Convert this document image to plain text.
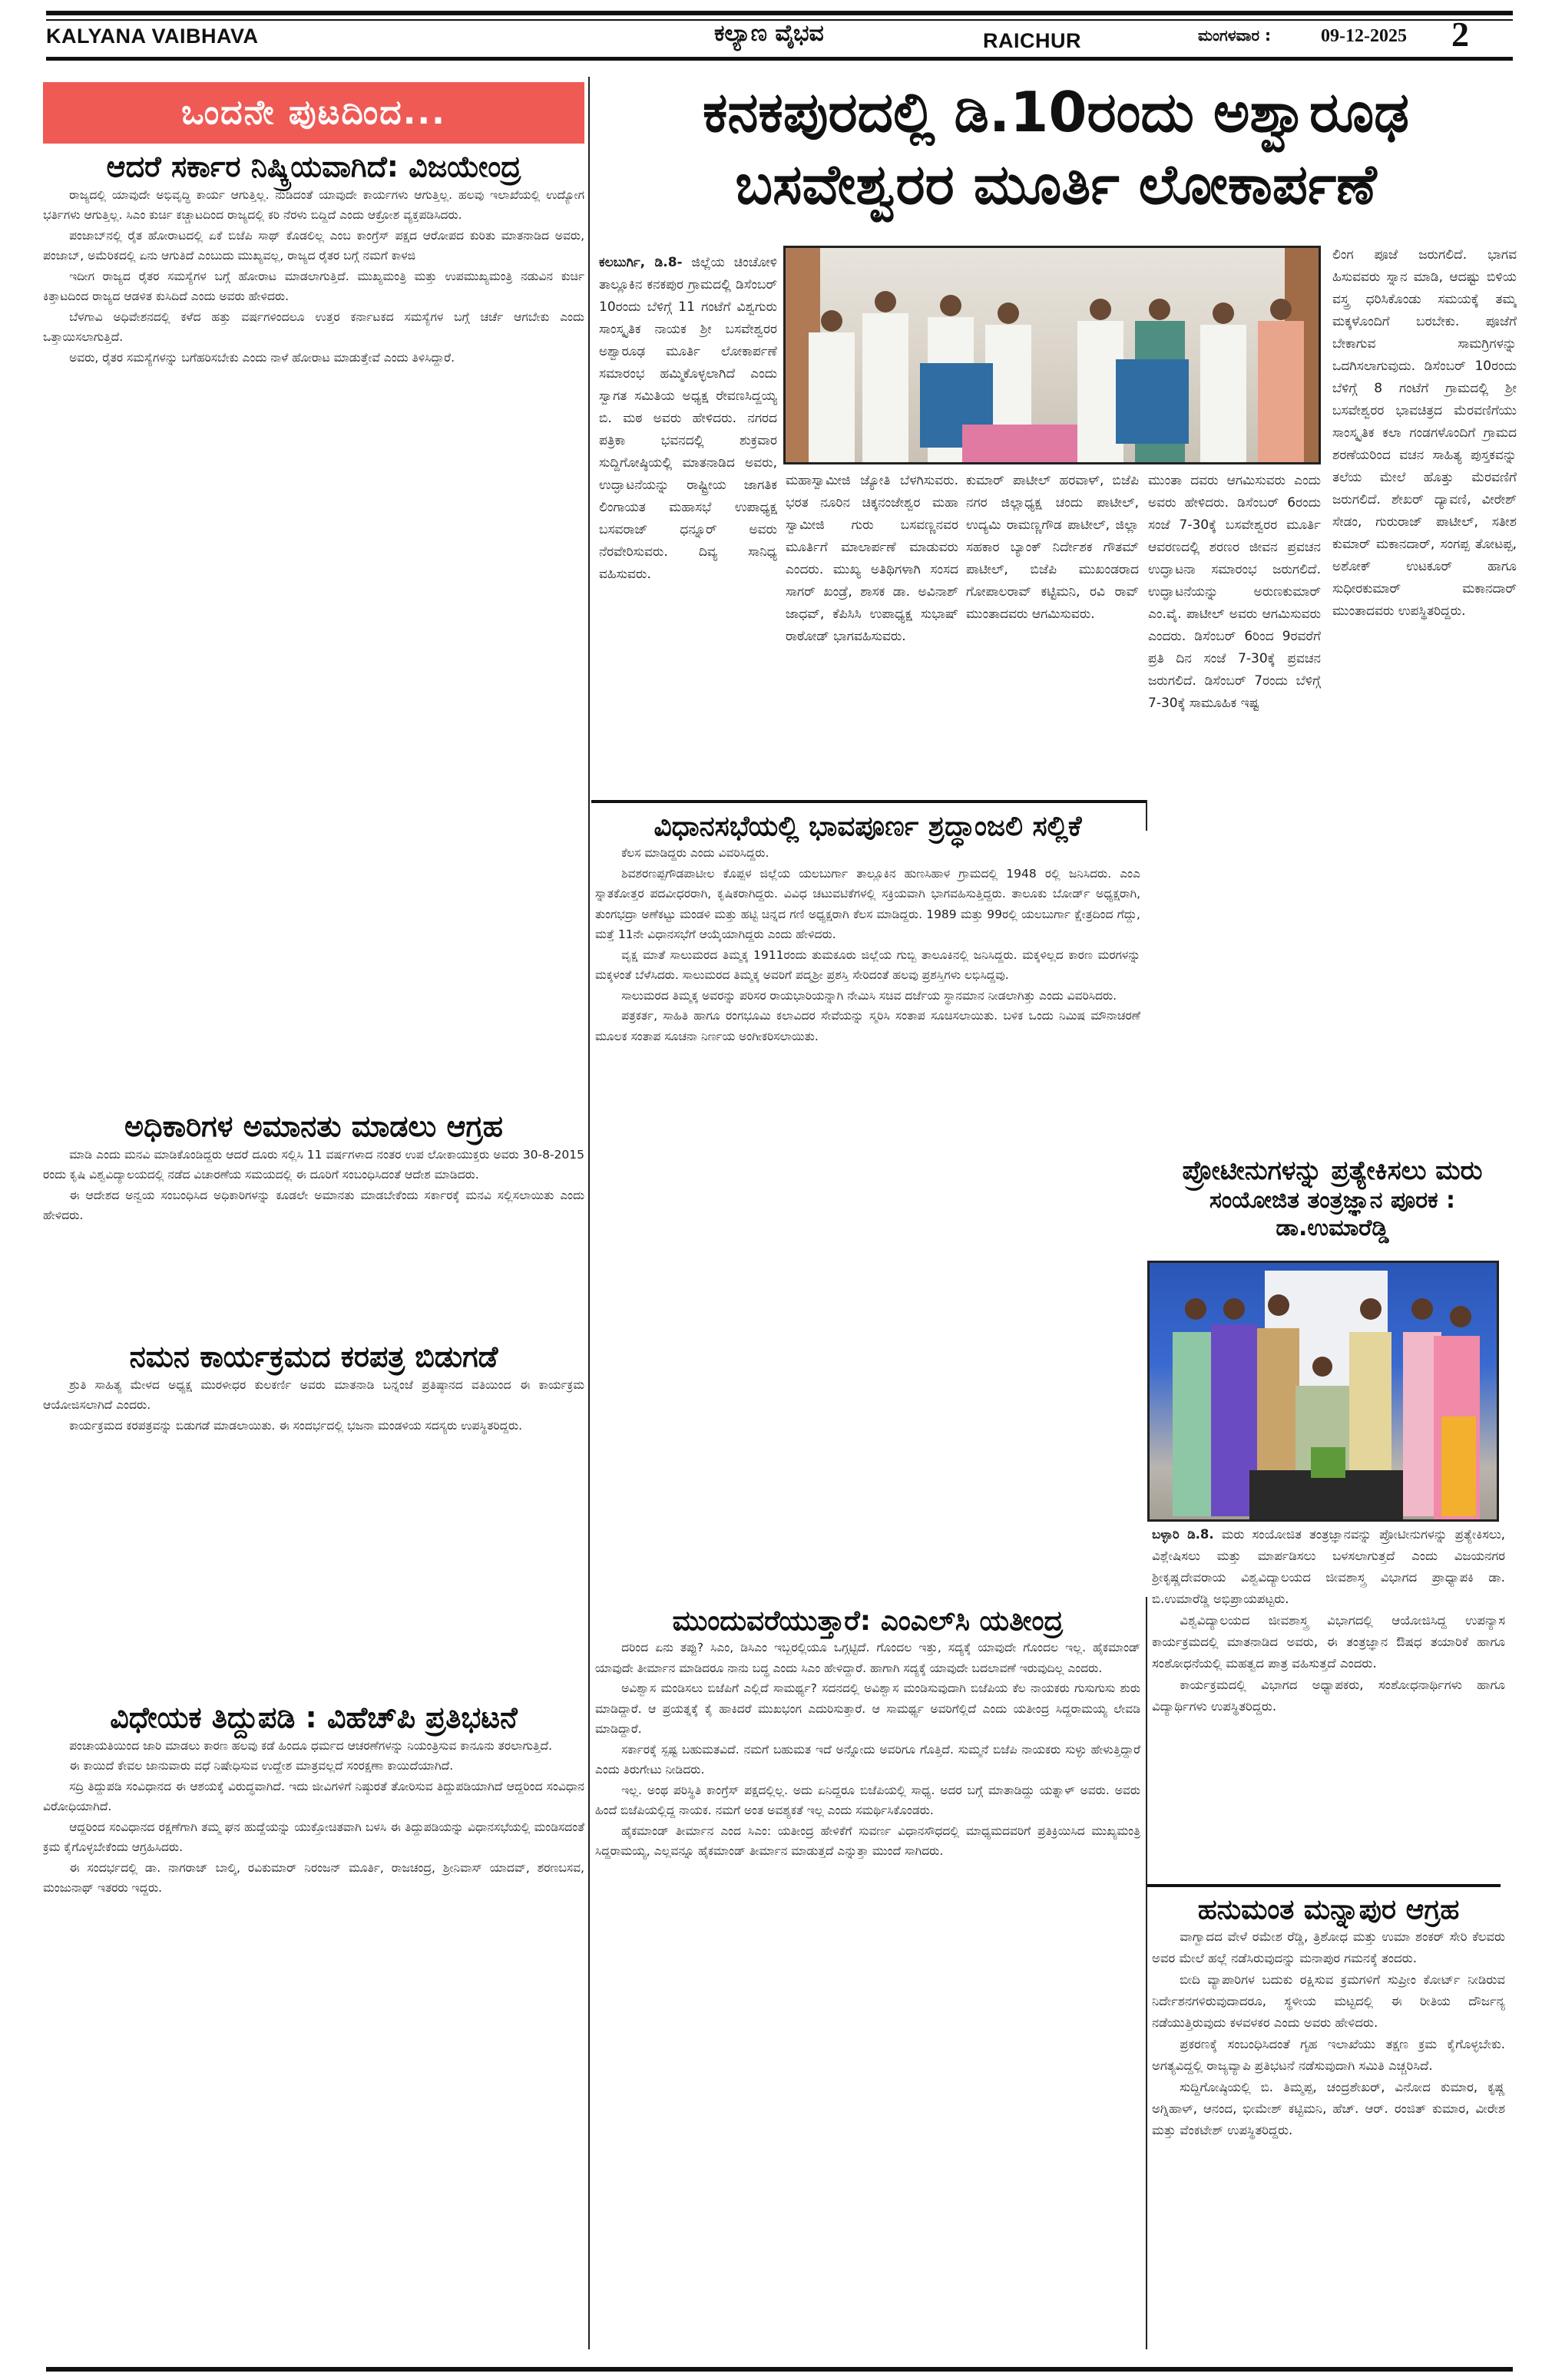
KALYANA VAIBHAVA	ಕಲ್ಯಾಣ ವೈಭವ	RAICHUR	ಮಂಗಳವಾರ :	09-12-2025 2
ಒಂದನೇ ಪುಟದಿಂದ...
ಆದರೆ ಸರ್ಕಾರ ನಿಷ್ಕ್ರಿಯವಾಗಿದೆ: ವಿಜಯೇಂದ್ರ

ರಾಜ್ಯದಲ್ಲಿ ಯಾವುದೇ ಅಭಿವೃದ್ಧಿ ಕಾರ್ಯ ಆಗುತ್ತಿಲ್ಲ. ನುಡಿದಂತೆ ಯಾವುದೇ ಕಾರ್ಯಗಳು ಆಗುತ್ತಿಲ್ಲ. ಹಲವು ಇಲಾಖೆಯಲ್ಲಿ ಉದ್ಯೋಗ ಭರ್ತಿಗಳು ಆಗುತ್ತಿಲ್ಲ. ಸಿಎಂ ಕುರ್ಚಿ ಕಚ್ಚಾಟದಿಂದ ರಾಜ್ಯದಲ್ಲಿ ಕರಿ ನೆರಳು ಬಿದ್ದಿದೆ ಎಂದು ಆಕ್ರೋಶ ವ್ಯಕ್ತಪಡಿಸಿದರು.

ಪಂಜಾಬ್‌ನಲ್ಲಿ ರೈತ ಹೋರಾಟದಲ್ಲಿ ಏಕೆ ಬಿಜೆಪಿ ಸಾಥ್ ಕೊಡಲಿಲ್ಲ ಎಂಬ ಕಾಂಗ್ರೆಸ್ ಪಕ್ಷದ ಆರೋಪದ ಕುರಿತು ಮಾತನಾಡಿದ ಅವರು, ಪಂಜಾಬ್, ಅಮೆರಿಕದಲ್ಲಿ ಏನು ಆಗುತಿದೆ ಎಂಬುದು ಮುಖ್ಯವಲ್ಲ, ರಾಜ್ಯದ ರೈತರ ಬಗ್ಗೆ ನಮಗೆ ಕಾಳಜಿ

ಇದೀಗ ರಾಜ್ಯದ ರೈತರ ಸಮಸ್ಯೆಗಳ ಬಗ್ಗೆ ಹೋರಾಟ ಮಾಡಲಾಗುತ್ತಿದೆ. ಮುಖ್ಯಮಂತ್ರಿ ಮತ್ತು ಉಪಮುಖ್ಯಮಂತ್ರಿ ನಡುವಿನ ಕುರ್ಚಿ ಕಿತ್ತಾಟದಿಂದ ರಾಜ್ಯದ ಆಡಳಿತ ಕುಸಿದಿದೆ ಎಂದು ಅವರು ಹೇಳಿದರು.

ಬೆಳಗಾವಿ ಅಧಿವೇಶನದಲ್ಲಿ ಕಳೆದ ಹತ್ತು ವರ್ಷಗಳಿಂದಲೂ ಉತ್ತರ ಕರ್ನಾಟಕದ ಸಮಸ್ಯೆಗಳ ಬಗ್ಗೆ ಚರ್ಚೆ ಆಗಬೇಕು ಎಂದು ಒತ್ತಾಯಿಸಲಾಗುತ್ತಿದೆ.

ಅವರು, ರೈತರ ಸಮಸ್ಯೆಗಳನ್ನು ಬಗೆಹರಿಸಬೇಕು ಎಂದು ನಾಳೆ ಹೋರಾಟ ಮಾಡುತ್ತೇವೆ ಎಂದು ತಿಳಿಸಿದ್ದಾರೆ.

ಅಧಿಕಾರಿಗಳ ಅಮಾನತು ಮಾಡಲು ಆಗ್ರಹ

ಮಾಡಿ ಎಂದು ಮನವಿ ಮಾಡಿಕೊಂಡಿದ್ದರು ಆದರೆ ದೂರು ಸಲ್ಲಿಸಿ 11 ವರ್ಷಗಳಾದ ನಂತರ ಉಪ ಲೋಕಾಯುಕ್ತರು ಅವರು 30-8-2015 ರಂದು ಕೃಷಿ ವಿಶ್ವವಿದ್ಯಾಲಯದಲ್ಲಿ ನಡೆದ ವಿಚಾರಣೆಯ ಸಮಯದಲ್ಲಿ ಈ ದೂರಿಗೆ ಸಂಬಂಧಿಸಿದಂತೆ ಆದೇಶ ಮಾಡಿದರು.

ಈ ಆದೇಶದ ಅನ್ವಯ ಸಂಬಂಧಿಸಿದ ಅಧಿಕಾರಿಗಳನ್ನು ಕೂಡಲೇ ಅಮಾನತು ಮಾಡಬೇಕೆಂದು ಸರ್ಕಾರಕ್ಕೆ ಮನವಿ ಸಲ್ಲಿಸಲಾಯಿತು ಎಂದು ಹೇಳಿದರು.

ನಮನ ಕಾರ್ಯಕ್ರಮದ ಕರಪತ್ರ ಬಿಡುಗಡೆ

ಶ್ರುತಿ ಸಾಹಿತ್ಯ ಮೇಳದ ಅಧ್ಯಕ್ಷ ಮುರಳೀಧರ ಕುಲಕರ್ಣಿ ಅವರು ಮಾತನಾಡಿ ಬನ್ನಂಜೆ ಪ್ರತಿಷ್ಠಾನದ ವತಿಯಿಂದ ಈ ಕಾರ್ಯಕ್ರಮ ಆಯೋಜಿಸಲಾಗಿದೆ ಎಂದರು.

ಕಾರ್ಯಕ್ರಮದ ಕರಪತ್ರವನ್ನು ಬಿಡುಗಡೆ ಮಾಡಲಾಯಿತು. ಈ ಸಂದರ್ಭದಲ್ಲಿ ಭಜನಾ ಮಂಡಳಿಯ ಸದಸ್ಯರು ಉಪಸ್ಥಿತರಿದ್ದರು.

ವಿಧೇಯಕ ತಿದ್ದುಪಡಿ : ವಿಹೆಚ್‌ಪಿ ಪ್ರತಿಭಟನೆ

ಪಂಚಾಯತಿಯಿಂದ ಜಾರಿ ಮಾಡಲು ಕಾರಣ ಹಲವು ಕಡೆ ಹಿಂದೂ ಧರ್ಮದ ಆಚರಣೆಗಳನ್ನು ನಿಯಂತ್ರಿಸುವ ಕಾನೂನು ತರಲಾಗುತ್ತಿದೆ.

ಈ ಕಾಯಿದೆ ಕೇವಲ ಜಾನುವಾರು ವಧೆ ನಿಷೇಧಿಸುವ ಉದ್ದೇಶ ಮಾತ್ರವಲ್ಲದೆ ಸಂರಕ್ಷಣಾ ಕಾಯಿದೆಯಾಗಿದೆ.

ಸದ್ರಿ ತಿದ್ದುಪಡಿ ಸಂವಿಧಾನದ ಈ ಆಶಯಕ್ಕೆ ವಿರುದ್ಧವಾಗಿದೆ. ಇದು ಜೀವಿಗಳಿಗೆ ನಿಷ್ಠುರತೆ ತೋರಿಸುವ ತಿದ್ದುಪಡಿಯಾಗಿದೆ ಆದ್ದರಿಂದ ಸಂವಿಧಾನ ವಿರೋಧಿಯಾಗಿದೆ.

ಆದ್ದರಿಂದ ಸಂವಿಧಾನದ ರಕ್ಷಣೆಗಾಗಿ ತಮ್ಮ ಘನ ಹುದ್ದೆಯನ್ನು ಯುಕ್ತೋಚಿತವಾಗಿ ಬಳಸಿ ಈ ತಿದ್ದುಪಡಿಯನ್ನು ವಿಧಾನಸಭೆಯಲ್ಲಿ ಮಂಡಿಸದಂತೆ ಕ್ರಮ ಕೈಗೊಳ್ಳಬೇಕೆಂದು ಆಗ್ರಹಿಸಿದರು.

ಈ ಸಂದರ್ಭದಲ್ಲಿ ಡಾ. ನಾಗರಾಜ್ ಬಾಲ್ಕಿ, ರವಿಕುಮಾರ್ ನಿರಂಜನ್ ಮೂರ್ತಿ, ರಾಜಚಂದ್ರ, ಶ್ರೀನಿವಾಸ್ ಯಾದವ್, ಶರಣಬಸವ, ಮಂಜುನಾಥ್ ಇತರರು ಇದ್ದರು.

ಕನಕಪುರದಲ್ಲಿ ಡಿ.10ರಂದು ಅಶ್ವಾರೂಢ
ಬಸವೇಶ್ವರರ ಮೂರ್ತಿ ಲೋಕಾರ್ಪಣೆ

ಕಲಬುರ್ಗಿ, ಡಿ.8- ಜಿಲ್ಲೆಯ ಚಿಂಚೋಳಿ ತಾಲ್ಲೂಕಿನ ಕನಕಪುರ ಗ್ರಾಮದಲ್ಲಿ ಡಿಸೆಂಬರ್ 10ರಂದು ಬೆಳಿಗ್ಗೆ 11 ಗಂಟೆಗೆ ವಿಶ್ವಗುರು ಸಾಂಸ್ಕೃತಿಕ ನಾಯಕ ಶ್ರೀ ಬಸವೇಶ್ವರರ ಅಶ್ವಾರೂಢ ಮೂರ್ತಿ ಲೋಕಾರ್ಪಣೆ ಸಮಾರಂಭ ಹಮ್ಮಿಕೊಳ್ಳಲಾಗಿದೆ ಎಂದು ಸ್ವಾಗತ ಸಮಿತಿಯ ಅಧ್ಯಕ್ಷ ರೇವಣಸಿದ್ದಯ್ಯ ಬಿ. ಮಠ ಅವರು ಹೇಳಿದರು. ನಗರದ ಪತ್ರಿಕಾ ಭವನದಲ್ಲಿ ಶುಕ್ರವಾರ ಸುದ್ದಿಗೋಷ್ಠಿಯಲ್ಲಿ ಮಾತನಾಡಿದ ಅವರು, ಉದ್ಘಾಟನೆಯನ್ನು ರಾಷ್ಟ್ರೀಯ ಜಾಗತಿಕ ಲಿಂಗಾಯತ ಮಹಾಸಭೆ ಉಪಾಧ್ಯಕ್ಷ ಬಸವರಾಜ್ ಧನ್ನೂರ್ ಅವರು ನೆರವೇರಿಸುವರು. ದಿವ್ಯ ಸಾನಿಧ್ಯ ವಹಿಸುವರು.

ಮಹಾಸ್ವಾಮೀಜಿ ಜ್ಯೋತಿ ಬೆಳಗಿಸುವರು. ಭರತ ನೂರಿನ ಚಿಕ್ಕನಂಜೇಶ್ವರ ಮಹಾ ಸ್ವಾಮೀಜಿ ಗುರು ಬಸವಣ್ಣನವರ ಮೂರ್ತಿಗೆ ಮಾಲಾರ್ಪಣೆ ಮಾಡುವರು ಎಂದರು. ಮುಖ್ಯ ಅತಿಥಿಗಳಾಗಿ ಸಂಸದ ಸಾಗರ್ ಖಂಡ್ರೆ, ಶಾಸಕ ಡಾ. ಅವಿನಾಶ್ ಜಾಧವ್, ಕೆಪಿಸಿಸಿ ಉಪಾಧ್ಯಕ್ಷ ಸುಭಾಷ್ ರಾಠೋಡ್ ಭಾಗವಹಿಸುವರು.

ಕುಮಾರ್ ಪಾಟೀಲ್ ಹರವಾಳ್, ಬಿಜೆಪಿ ನಗರ ಜಿಲ್ಲಾಧ್ಯಕ್ಷ ಚಂದು ಪಾಟೀಲ್, ಉದ್ಯಮಿ ರಾಮಣ್ಣಗೌಡ ಪಾಟೀಲ್, ಜಿಲ್ಲಾ ಸಹಕಾರ ಬ್ಯಾಂಕ್ ನಿರ್ದೇಶಕ ಗೌತಮ್ ಪಾಟೀಲ್, ಬಿಜೆಪಿ ಮುಖಂಡರಾದ ಗೋಪಾಲರಾವ್ ಕಟ್ಟಿಮನಿ, ರವಿ ರಾವ್ ಮುಂತಾದವರು ಆಗಮಿಸುವರು.

ಮುಂತಾ ದವರು ಆಗಮಿಸುವರು ಎಂದು ಅವರು ಹೇಳಿದರು. ಡಿಸೆಂಬರ್ 6ರಂದು ಸಂಜೆ 7-30ಕ್ಕೆ ಬಸವೇಶ್ವರರ ಮೂರ್ತಿ ಆವರಣದಲ್ಲಿ ಶರಣರ ಜೀವನ ಪ್ರವಚನ ಉದ್ಘಾಟನಾ ಸಮಾರಂಭ ಜರುಗಲಿದೆ. ಉದ್ಘಾಟನೆಯನ್ನು ಅರುಣಕುಮಾರ್ ಎಂ.ವೈ. ಪಾಟೀಲ್ ಅವರು ಆಗಮಿಸುವರು ಎಂದರು. ಡಿಸೆಂಬರ್ 6ರಿಂದ 9ರವರೆಗೆ ಪ್ರತಿ ದಿನ ಸಂಜೆ 7-30ಕ್ಕೆ ಪ್ರವಚನ ಜರುಗಲಿದೆ. ಡಿಸೆಂಬರ್ 7ರಂದು ಬೆಳಿಗ್ಗೆ 7-30ಕ್ಕೆ ಸಾಮೂಹಿಕ ಇಷ್ಟ

ಲಿಂಗ ಪೂಜೆ ಜರುಗಲಿದೆ. ಭಾಗವ ಹಿಸುವವರು ಸ್ನಾನ ಮಾಡಿ, ಆದಷ್ಟು ಬಿಳಿಯ ವಸ್ತ್ರ ಧರಿಸಿಕೊಂಡು ಸಮಯಕ್ಕೆ ತಮ್ಮ ಮಕ್ಕಳೊಂದಿಗೆ ಬರಬೇಕು. ಪೂಜೆಗೆ ಬೇಕಾಗುವ ಸಾಮಗ್ರಿಗಳನ್ನು ಒದಗಿಸಲಾಗುವುದು. ಡಿಸೆಂಬರ್ 10ರಂದು ಬೆಳಿಗ್ಗೆ 8 ಗಂಟೆಗೆ ಗ್ರಾಮದಲ್ಲಿ ಶ್ರೀ ಬಸವೇಶ್ವರರ ಭಾವಚಿತ್ರದ ಮೆರವಣಿಗೆಯು ಸಾಂಸ್ಕೃತಿಕ ಕಲಾ ಗಂಡಗಳೊಂದಿಗೆ ಗ್ರಾಮದ ಶರಣೆಯರಿಂದ ವಚನ ಸಾಹಿತ್ಯ ಪುಸ್ತಕವನ್ನು ತಲೆಯ ಮೇಲೆ ಹೊತ್ತು ಮೆರವಣಿಗೆ ಜರುಗಲಿದೆ. ಶೇಖರ್ ದ್ಯಾವಣಿ, ವೀರೇಶ್ ಸೇಡಂ, ಗುರುರಾಜ್ ಪಾಟೀಲ್, ಸತೀಶ ಕುಮಾರ್ ಮಕಾನದಾರ್, ಸಂಗಪ್ಪ ತೋಟಪ್ಪ, ಅಶೋಕ್ ಉಟಕೂರ್ ಹಾಗೂ ಸುಧೀರಕುಮಾರ್ ಮಕಾನದಾರ್ ಮುಂತಾದವರು ಉಪಸ್ಥಿತರಿದ್ದರು.

ವಿಧಾನಸಭೆಯಲ್ಲಿ ಭಾವಪೂರ್ಣ ಶ್ರದ್ಧಾಂಜಲಿ ಸಲ್ಲಿಕೆ

ಕೆಲಸ ಮಾಡಿದ್ದರು ಎಂದು ವಿವರಿಸಿದ್ದರು.

ಶಿವಶರಣಪ್ಪಗೌಡಪಾಟೀಲ ಕೊಪ್ಪಳ ಜಿಲ್ಲೆಯ ಯಲಬುರ್ಗಾ ತಾಲ್ಲೂಕಿನ ಹುಣಸಿಹಾಳ ಗ್ರಾಮದಲ್ಲಿ 1948 ರಲ್ಲಿ ಜನಿಸಿದರು. ಎಂಎ ಸ್ನಾತಕೋತ್ತರ ಪದವೀಧರರಾಗಿ, ಕೃಷಿಕರಾಗಿದ್ದರು. ವಿವಿಧ ಚಟುವಟಿಕೆಗಳಲ್ಲಿ ಸಕ್ರಿಯವಾಗಿ ಭಾಗವಹಿಸುತ್ತಿದ್ದರು. ತಾಲೂಕು ಬೋರ್ಡ್ ಅಧ್ಯಕ್ಷರಾಗಿ, ತುಂಗಭದ್ರಾ ಅಣೆಕಟ್ಟು ಮಂಡಳಿ ಮತ್ತು ಹಟ್ಟಿ ಚಿನ್ನದ ಗಣಿ ಅಧ್ಯಕ್ಷರಾಗಿ ಕೆಲಸ ಮಾಡಿದ್ದರು. 1989 ಮತ್ತು 99ರಲ್ಲಿ ಯಲಬುರ್ಗಾ ಕ್ಷೇತ್ರದಿಂದ ಗೆದ್ದು, ಮತ್ತೆ 11ನೇ ವಿಧಾನಸಭೆಗೆ ಆಯ್ಕೆಯಾಗಿದ್ದರು ಎಂದು ಹೇಳಿದರು.

ವೃಕ್ಷ ಮಾತೆ ಸಾಲುಮರದ ತಿಮ್ಮಕ್ಕ 1911ರಂದು ತುಮಕೂರು ಜಿಲ್ಲೆಯ ಗುಬ್ಬಿ ತಾಲೂಕಿನಲ್ಲಿ ಜನಿಸಿದ್ದರು. ಮಕ್ಕಳಿಲ್ಲದ ಕಾರಣ ಮರಗಳನ್ನು ಮಕ್ಕಳಂತೆ ಬೆಳೆಸಿದರು. ಸಾಲುಮರದ ತಿಮ್ಮಕ್ಕ ಅವರಿಗೆ ಪದ್ಮಶ್ರೀ ಪ್ರಶಸ್ತಿ ಸೇರಿದಂತೆ ಹಲವು ಪ್ರಶಸ್ತಿಗಳು ಲಭಿಸಿದ್ದವು.

ಸಾಲುಮರದ ತಿಮ್ಮಕ್ಕ ಅವರನ್ನು ಪರಿಸರ ರಾಯಭಾರಿಯನ್ನಾಗಿ ನೇಮಿಸಿ ಸಚಿವ ದರ್ಜೆಯ ಸ್ಥಾನಮಾನ ನೀಡಲಾಗಿತ್ತು ಎಂದು ವಿವರಿಸಿದರು.

ಪತ್ರಕರ್ತ, ಸಾಹಿತಿ ಹಾಗೂ ರಂಗಭೂಮಿ ಕಲಾವಿದರ ಸೇವೆಯನ್ನು ಸ್ಮರಿಸಿ ಸಂತಾಪ ಸೂಚಿಸಲಾಯಿತು. ಬಳಿಕ ಒಂದು ನಿಮಿಷ ಮೌನಾಚರಣೆ ಮೂಲಕ ಸಂತಾಪ ಸೂಚನಾ ನಿರ್ಣಯ ಅಂಗೀಕರಿಸಲಾಯಿತು.

ಮುಂದುವರೆಯುತ್ತಾರೆ: ಎಂಎಲ್‌ಸಿ ಯತೀಂದ್ರ

ದರಿಂದ ಏನು ತಪ್ಪು? ಸಿಎಂ, ಡಿಸಿಎಂ ಇಬ್ಬರಲ್ಲಿಯೂ ಒಗ್ಗಟ್ಟಿದೆ. ಗೊಂದಲ ಇತ್ತು, ಸದ್ಯಕ್ಕೆ ಯಾವುದೇ ಗೊಂದಲ ಇಲ್ಲ. ಹೈಕಮಾಂಡ್ ಯಾವುದೇ ತೀರ್ಮಾನ ಮಾಡಿದರೂ ನಾನು ಬದ್ಧ ಎಂದು ಸಿಎಂ ಹೇಳಿದ್ದಾರೆ. ಹಾಗಾಗಿ ಸದ್ಯಕ್ಕೆ ಯಾವುದೇ ಬದಲಾವಣೆ ಇರುವುದಿಲ್ಲ ಎಂದರು.

ಅವಿಶ್ವಾಸ ಮಂಡಿಸಲು ಬಿಜೆಪಿಗೆ ಎಲ್ಲಿದೆ ಸಾಮರ್ಥ್ಯ? ಸದನದಲ್ಲಿ ಅವಿಶ್ವಾಸ ಮಂಡಿಸುವುದಾಗಿ ಬಿಜೆಪಿಯ ಕೆಲ ನಾಯಕರು ಗುಸುಗುಸು ಶುರು ಮಾಡಿದ್ದಾರೆ. ಆ ಪ್ರಯತ್ನಕ್ಕೆ ಕೈ ಹಾಕಿದರೆ ಮುಖಭಂಗ ಎದುರಿಸುತ್ತಾರೆ. ಆ ಸಾಮರ್ಥ್ಯ ಅವರಿಗೆಲ್ಲಿದೆ ಎಂದು ಯತೀಂದ್ರ ಸಿದ್ದರಾಮಯ್ಯ ಲೇವಡಿ ಮಾಡಿದ್ದಾರೆ.

ಸರ್ಕಾರಕ್ಕೆ ಸ್ಪಷ್ಟ ಬಹುಮತವಿದೆ. ನಮಗೆ ಬಹುಮತ ಇದೆ ಅನ್ನೋದು ಅವರಿಗೂ ಗೊತ್ತಿದೆ. ಸುಮ್ಮನೆ ಬಿಜೆಪಿ ನಾಯಕರು ಸುಳ್ಳು ಹೇಳುತ್ತಿದ್ದಾರೆ ಎಂದು ತಿರುಗೇಟು ನೀಡಿದರು.

ಇಲ್ಲ. ಅಂಥ ಪರಿಸ್ಥಿತಿ ಕಾಂಗ್ರೆಸ್ ಪಕ್ಷದಲ್ಲಿಲ್ಲ. ಅದು ಏನಿದ್ದರೂ ಬಿಜೆಪಿಯಲ್ಲಿ ಸಾಧ್ಯ. ಅದರ ಬಗ್ಗೆ ಮಾತಾಡಿದ್ದು ಯತ್ನಾಳ್ ಅವರು. ಅವರು ಹಿಂದೆ ಬಿಜೆಪಿಯಲ್ಲಿದ್ದ ನಾಯಕ. ನಮಗೆ ಅಂತ ಅವಶ್ಯಕತೆ ಇಲ್ಲ ಎಂದು ಸಮರ್ಥಿಸಿಕೊಂಡರು.

ಹೈಕಮಾಂಡ್ ತೀರ್ಮಾನ ಎಂದ ಸಿಎಂ: ಯತೀಂದ್ರ ಹೇಳಿಕೆಗೆ ಸುವರ್ಣ ವಿಧಾನಸೌಧದಲ್ಲಿ ಮಾಧ್ಯಮದವರಿಗೆ ಪ್ರತಿಕ್ರಿಯಿಸಿದ ಮುಖ್ಯಮಂತ್ರಿ ಸಿದ್ದರಾಮಯ್ಯ, ಎಲ್ಲವನ್ನೂ ಹೈಕಮಾಂಡ್ ತೀರ್ಮಾನ ಮಾಡುತ್ತದೆ ಎನ್ನುತ್ತಾ ಮುಂದೆ ಸಾಗಿದರು.

ಪ್ರೋಟೀನುಗಳನ್ನು ಪ್ರತ್ಯೇಕಿಸಲು ಮರು
ಸಂಯೋಜಿತ ತಂತ್ರಜ್ಞಾನ ಪೂರಕ : ಡಾ.ಉಮಾರೆಡ್ಡಿ

ಬಳ್ಳಾರಿ ಡಿ.8. ಮರು ಸಂಯೋಜಿತ ತಂತ್ರಜ್ಞಾನವನ್ನು ಪ್ರೋಟೀನುಗಳನ್ನು ಪ್ರತ್ಯೇಕಿಸಲು, ವಿಶ್ಲೇಷಿಸಲು ಮತ್ತು ಮಾರ್ಪಡಿಸಲು ಬಳಸಲಾಗುತ್ತದೆ ಎಂದು ವಿಜಯನಗರ ಶ್ರೀಕೃಷ್ಣದೇವರಾಯ ವಿಶ್ವವಿದ್ಯಾಲಯದ ಜೀವಶಾಸ್ತ್ರ ವಿಭಾಗದ ಪ್ರಾಧ್ಯಾಪಕಿ ಡಾ. ಬಿ.ಉಮಾರೆಡ್ಡಿ ಅಭಿಪ್ರಾಯಪಟ್ಟರು.

ವಿಶ್ವವಿದ್ಯಾಲಯದ ಜೀವಶಾಸ್ತ್ರ ವಿಭಾಗದಲ್ಲಿ ಆಯೋಜಿಸಿದ್ದ ಉಪನ್ಯಾಸ ಕಾರ್ಯಕ್ರಮದಲ್ಲಿ ಮಾತನಾಡಿದ ಅವರು, ಈ ತಂತ್ರಜ್ಞಾನ ಔಷಧ ತಯಾರಿಕೆ ಹಾಗೂ ಸಂಶೋಧನೆಯಲ್ಲಿ ಮಹತ್ವದ ಪಾತ್ರ ವಹಿಸುತ್ತದೆ ಎಂದರು.

ಕಾರ್ಯಕ್ರಮದಲ್ಲಿ ವಿಭಾಗದ ಅಧ್ಯಾಪಕರು, ಸಂಶೋಧನಾರ್ಥಿಗಳು ಹಾಗೂ ವಿದ್ಯಾರ್ಥಿಗಳು ಉಪಸ್ಥಿತರಿದ್ದರು.

ಹನುಮಂತ ಮನ್ನಾಪುರ ಆಗ್ರಹ

ವಾಗ್ವಾದದ ವೇಳೆ ರಮೇಶ ರೆಡ್ಡಿ, ತ್ರಿಶೋಧ ಮತ್ತು ಉಮಾ ಶಂಕರ್ ಸೇರಿ ಕೆಲವರು ಅವರ ಮೇಲೆ ಹಲ್ಲೆ ನಡೆಸಿರುವುದನ್ನು ಮನಾಪುರ ಗಮನಕ್ಕೆ ತಂದರು.

ಬೀದಿ ವ್ಯಾಪಾರಿಗಳ ಬದುಕು ರಕ್ಷಿಸುವ ಕ್ರಮಗಳಿಗೆ ಸುಪ್ರೀಂ ಕೋರ್ಟ್ ನೀಡಿರುವ ನಿರ್ದೇಶನಗಳಿರುವುದಾದರೂ, ಸ್ಥಳೀಯ ಮಟ್ಟದಲ್ಲಿ ಈ ರೀತಿಯ ದೌರ್ಜನ್ಯ ನಡೆಯುತ್ತಿರುವುದು ಕಳವಳಕರ ಎಂದು ಅವರು ಹೇಳಿದರು.

ಪ್ರಕರಣಕ್ಕೆ ಸಂಬಂಧಿಸಿದಂತೆ ಗೃಹ ಇಲಾಖೆಯು ತಕ್ಷಣ ಕ್ರಮ ಕೈಗೊಳ್ಳಬೇಕು. ಅಗತ್ಯವಿದ್ದಲ್ಲಿ ರಾಜ್ಯವ್ಯಾಪಿ ಪ್ರತಿಭಟನೆ ನಡೆಸುವುದಾಗಿ ಸಮಿತಿ ಎಚ್ಚರಿಸಿದೆ.

ಸುದ್ದಿಗೋಷ್ಠಿಯಲ್ಲಿ ಬಿ. ತಿಮ್ಮಪ್ಪ, ಚಂದ್ರಶೇಖರ್, ವಿನೋದ ಕುಮಾರ, ಕೃಷ್ಣ ಅಗ್ನಿಹಾಳ್, ಆನಂದ, ಭೀಮೇಶ್ ಕಟ್ಟಿಮನಿ, ಹೆಚ್. ಆರ್. ರಂಜಿತ್ ಕುಮಾರ, ವೀರೇಶ ಮತ್ತು ವೆಂಕಟೇಶ್ ಉಪಸ್ಥಿತರಿದ್ದರು.
